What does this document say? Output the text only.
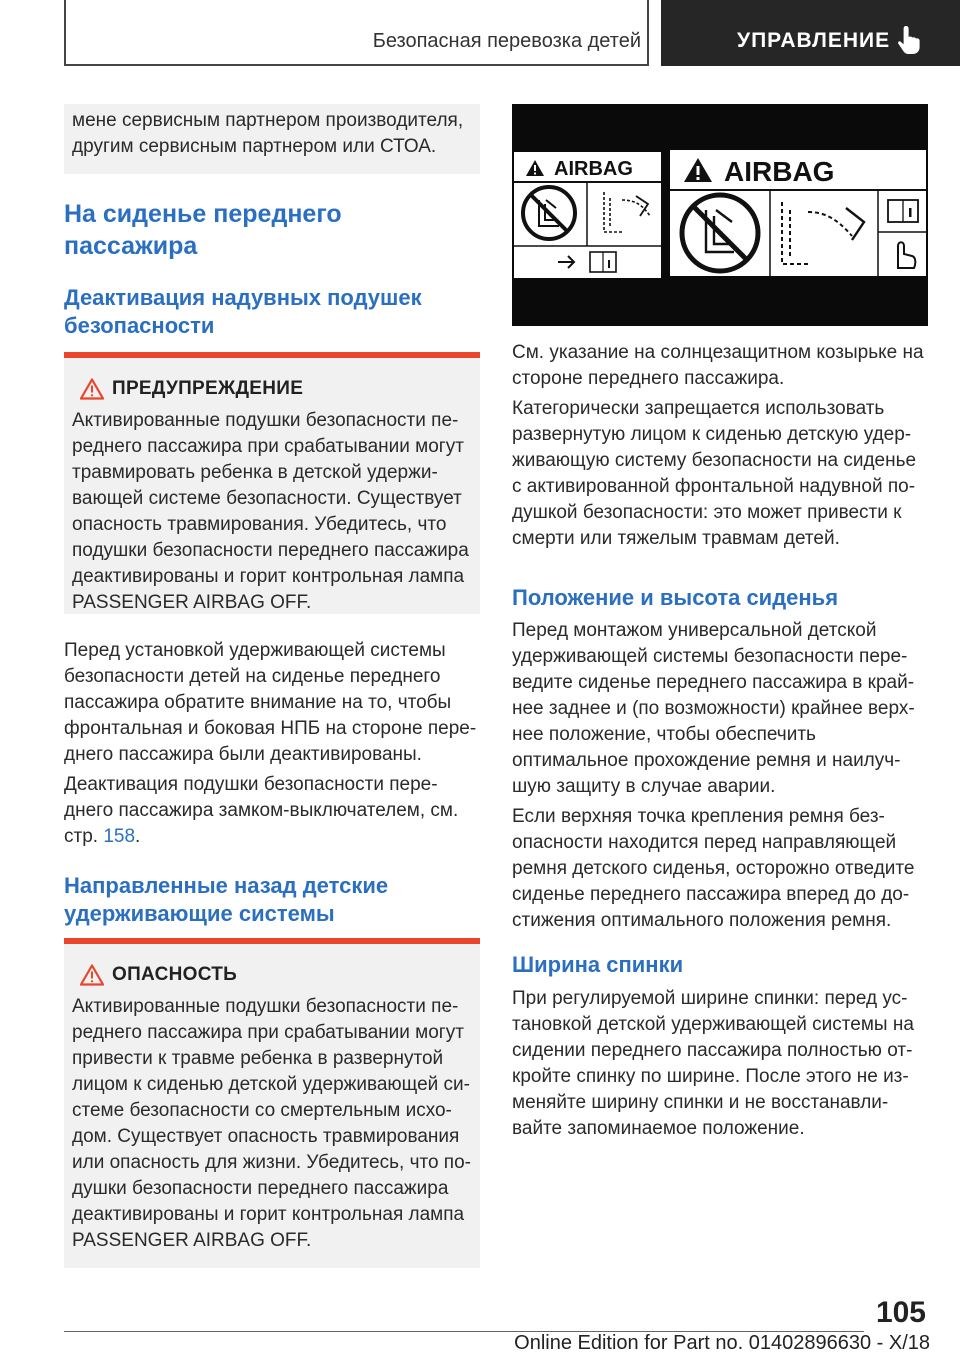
Безопасная перевозка детей	УПРАВЛЕНИЕ
мене сервисным партнером производителя,
другим сервисным партнером или СТОА.
На сиденье переднего
пассажира
Деактивация надувных подушек
безопасности
ПРЕДУПРЕЖДЕНИЕ
Активированные подушки безопасности пе-
реднего пассажира при срабатывании могут
травмировать ребенка в детской удержи-
вающей системе безопасности. Существует
опасность травмирования. Убедитесь, что
подушки безопасности переднего пассажира
деактивированы и горит контрольная лампа
PASSENGER AIRBAG OFF.
Перед установкой удерживающей системы
безопасности детей на сиденье переднего
пассажира обратите внимание на то, чтобы
фронтальная и боковая НПБ на стороне пере-
днего пассажира были деактивированы.
Деактивация подушки безопасности пере-
днего пассажира замком-выключателем, см.
стр. 158.
Направленные назад детские
удерживающие системы
ОПАСНОСТЬ
Активированные подушки безопасности пе-
реднего пассажира при срабатывании могут
привести к травме ребенка в развернутой
лицом к сиденью детской удерживающей си-
стеме безопасности со смертельным исхо-
дом. Существует опасность травмирования
или опасность для жизни. Убедитесь, что по-
душки безопасности переднего пассажира
деактивированы и горит контрольная лампа
PASSENGER AIRBAG OFF.
AIRBAG	AIRBAG
См. указание на солнцезащитном козырьке на
стороне переднего пассажира.
Категорически запрещается использовать
развернутую лицом к сиденью детскую удер-
живающую систему безопасности на сиденье
с активированной фронтальной надувной по-
душкой безопасности: это может привести к
смерти или тяжелым травмам детей.
Положение и высота сиденья
Перед монтажом универсальной детской
удерживающей системы безопасности пере-
ведите сиденье переднего пассажира в край-
нее заднее и (по возможности) крайнее верх-
нее положение, чтобы обеспечить
оптимальное прохождение ремня и наилуч-
шую защиту в случае аварии.
Если верхняя точка крепления ремня без-
опасности находится перед направляющей
ремня детского сиденья, осторожно отведите
сиденье переднего пассажира вперед до до-
стижения оптимального положения ремня.
Ширина спинки
При регулируемой ширине спинки: перед ус-
тановкой детской удерживающей системы на
сидении переднего пассажира полностью от-
кройте спинку по ширине. После этого не из-
меняйте ширину спинки и не восстанавли-
вайте запоминаемое положение.
105
Online Edition for Part no. 01402896630 - X/18
